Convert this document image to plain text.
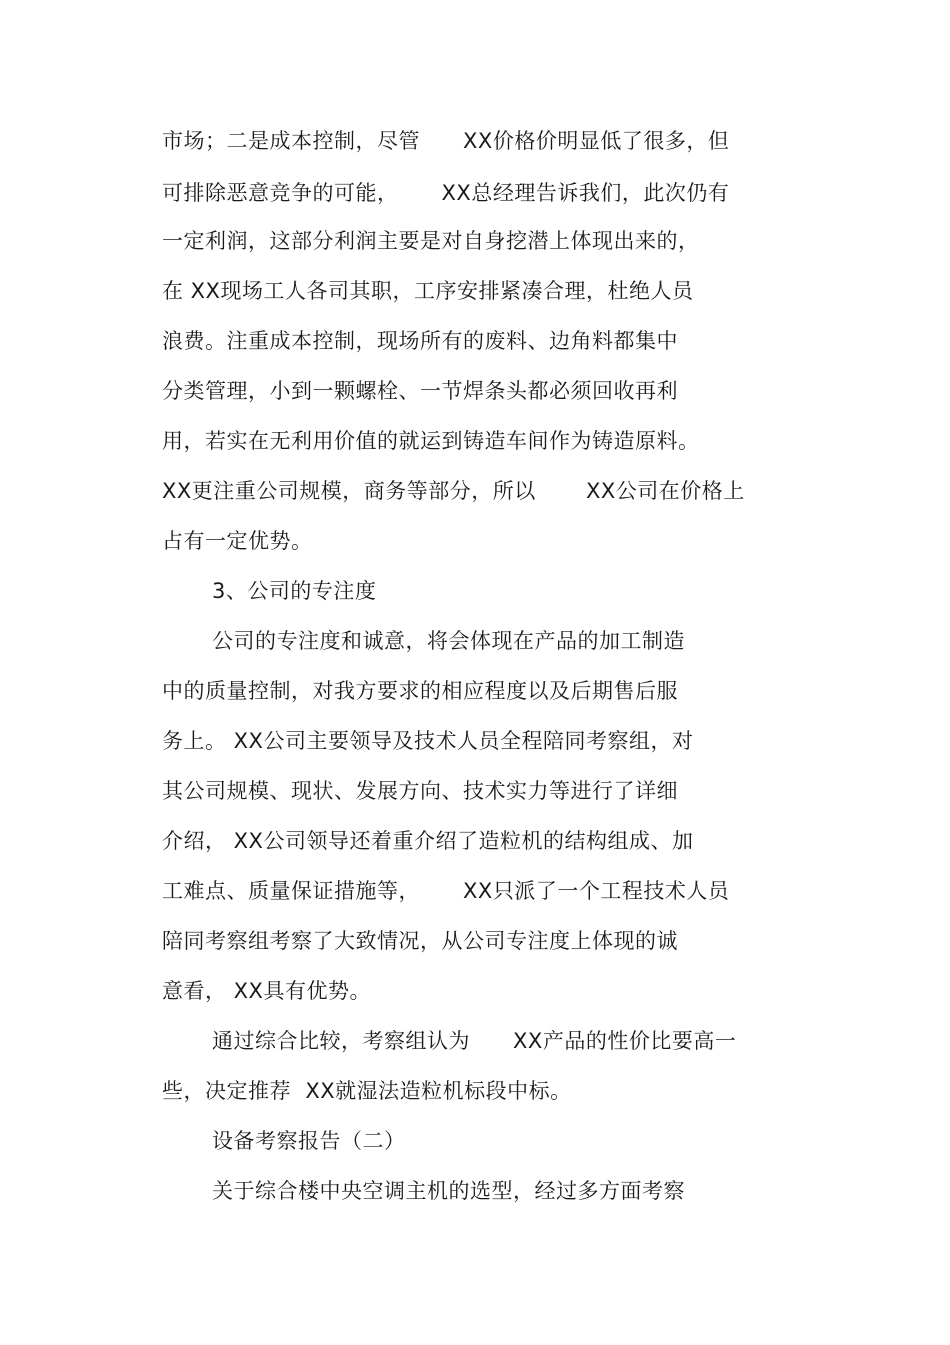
市场；二是成本控制，尽管      XX价格价明显低了很多，但
可排除恶意竞争的可能，      XX总经理告诉我们，此次仍有
一定利润，这部分利润主要是对自身挖潜上体现出来的，
在 XX现场工人各司其职，工序安排紧凑合理，杜绝人员
浪费。注重成本控制，现场所有的废料、边角料都集中
分类管理，小到一颗螺栓、一节焊条头都必须回收再利
用，若实在无利用价值的就运到铸造车间作为铸造原料。
XX更注重公司规模，商务等部分，所以       XX公司在价格上
占有一定优势。
3、公司的专注度
公司的专注度和诚意，将会体现在产品的加工制造
中的质量控制，对我方要求的相应程度以及后期售后服
务上。 XX公司主要领导及技术人员全程陪同考察组，对
其公司规模、现状、发展方向、技术实力等进行了详细
介绍， XX公司领导还着重介绍了造粒机的结构组成、加
工难点、质量保证措施等，      XX只派了一个工程技术人员
陪同考察组考察了大致情况，从公司专注度上体现的诚
意看， XX具有优势。
通过综合比较，考察组认为      XX产品的性价比要高一
些，决定推荐  XX就湿法造粒机标段中标。
设备考察报告（二）
关于综合楼中央空调主机的选型，经过多方面考察
